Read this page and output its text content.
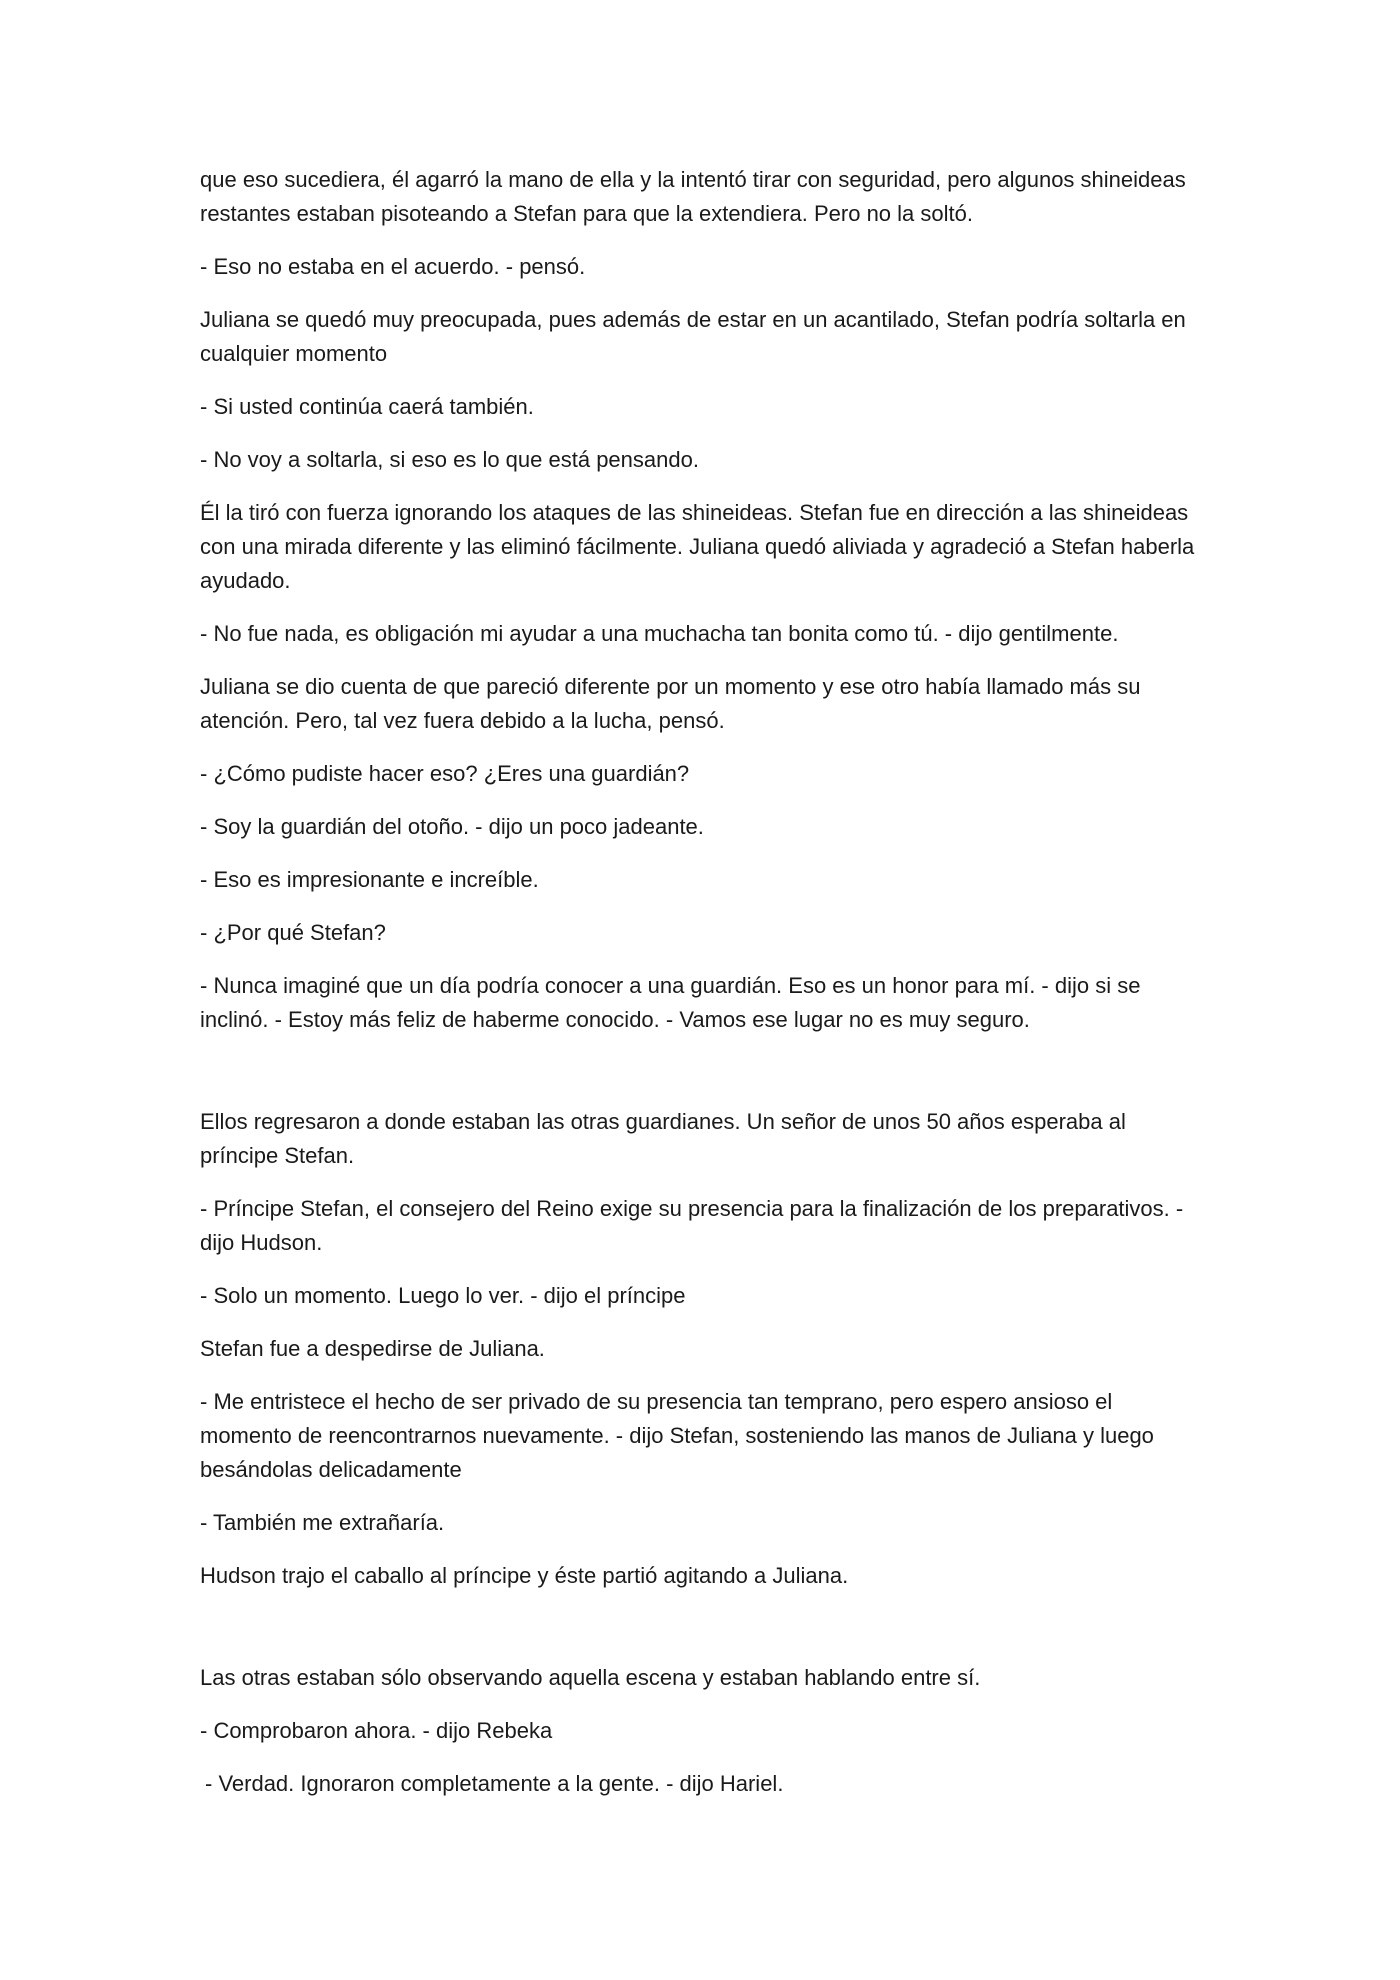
que eso sucediera, él agarró la mano de ella y la intentó tirar con seguridad, pero algunos shineideas restantes estaban pisoteando a Stefan para que la extendiera. Pero no la soltó.

- Eso no estaba en el acuerdo. - pensó.

Juliana se quedó muy preocupada, pues además de estar en un acantilado, Stefan podría soltarla en cualquier momento

- Si usted continúa caerá también.

- No voy a soltarla, si eso es lo que está pensando.

Él la tiró con fuerza ignorando los ataques de las shineideas. Stefan fue en dirección a las shineideas con una mirada diferente y las eliminó fácilmente. Juliana quedó aliviada y agradeció a Stefan haberla ayudado.

- No fue nada, es obligación mi ayudar a una muchacha tan bonita como tú. - dijo gentilmente.

Juliana se dio cuenta de que pareció diferente por un momento y ese otro había llamado más su atención. Pero, tal vez fuera debido a la lucha, pensó.

- ¿Cómo pudiste hacer eso? ¿Eres una guardián?

- Soy la guardián del otoño. - dijo un poco jadeante.

- Eso es impresionante e increíble.

- ¿Por qué Stefan?

- Nunca imaginé que un día podría conocer a una guardián. Eso es un honor para mí. - dijo si se inclinó. - Estoy más feliz de haberme conocido. - Vamos ese lugar no es muy seguro.

Ellos regresaron a donde estaban las otras guardianes. Un señor de unos 50 años esperaba al príncipe Stefan.

- Príncipe Stefan, el consejero del Reino exige su presencia para la finalización de los preparativos. - dijo Hudson.

- Solo un momento. Luego lo ver. - dijo el príncipe

Stefan fue a despedirse de Juliana.

- Me entristece el hecho de ser privado de su presencia tan temprano, pero espero ansioso el momento de reencontrarnos nuevamente. - dijo Stefan, sosteniendo las manos de Juliana y luego besándolas delicadamente

- También me extrañaría.

Hudson trajo el caballo al príncipe y éste partió agitando a Juliana.

Las otras estaban sólo observando aquella escena y estaban hablando entre sí.

- Comprobaron ahora. - dijo Rebeka

- Verdad. Ignoraron completamente a la gente. - dijo Hariel.
